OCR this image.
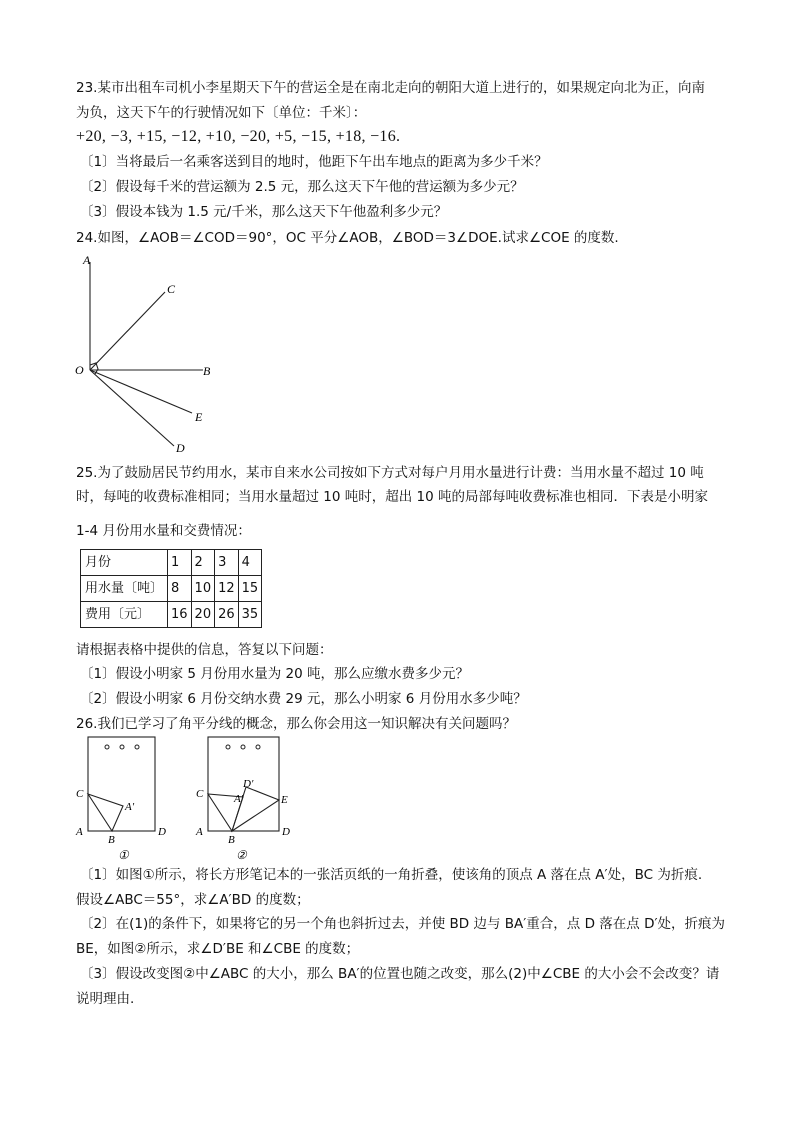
23.某市出租车司机小李星期天下午的营运全是在南北走向的朝阳大道上进行的，如果规定向北为正，向南
为负，这天下午的行驶情况如下〔单位：千米〕：
+20, −3, +15, −12, +10, −20, +5, −15, +18, −16.
〔1〕当将最后一名乘客送到目的地时，他距下午出车地点的距离为多少千米？
〔2〕假设每千米的营运额为 2.5 元，那么这天下午他的营运额为多少元？
〔3〕假设本钱为 1.5 元/千米，那么这天下午他盈利多少元？
24.如图，∠AOB＝∠COD＝90°，OC 平分∠AOB，∠BOD＝3∠DOE.试求∠COE 的度数.
A
C
O	B
E
D
25.为了鼓励居民节约用水，某市自来水公司按如下方式对每户月用水量进行计费：当用水量不超过 10 吨
时，每吨的收费标准相同；当用水量超过 10 吨时，超出 10 吨的局部每吨收费标准也相同．下表是小明家
1-4 月份用水量和交费情况：
月份	1	2	3	4
用水量〔吨〕	8	10	12	15
费用〔元〕	16	20	26	35
请根据表格中提供的信息，答复以下问题：
〔1〕假设小明家 5 月份用水量为 20 吨，那么应缴水费多少元？
〔2〕假设小明家 6 月份交纳水费 29 元，那么小明家 6 月份用水多少吨？
26.我们已学习了角平分线的概念，那么你会用这一知识解决有关问题吗？
C
A′
A
B
D
①
D′
C	A′	E
A
B
D
②
〔1〕如图①所示，将长方形笔记本的一张活页纸的一角折叠，使该角的顶点 A 落在点 A′处，BC 为折痕.
假设∠ABC＝55°，求∠A′BD 的度数；
〔2〕在(1)的条件下，如果将它的另一个角也斜折过去，并使 BD 边与 BA′重合，点 D 落在点 D′处，折痕为
BE，如图②所示，求∠D′BE 和∠CBE 的度数；
〔3〕假设改变图②中∠ABC 的大小，那么 BA′的位置也随之改变，那么(2)中∠CBE 的大小会不会改变？请
说明理由.
